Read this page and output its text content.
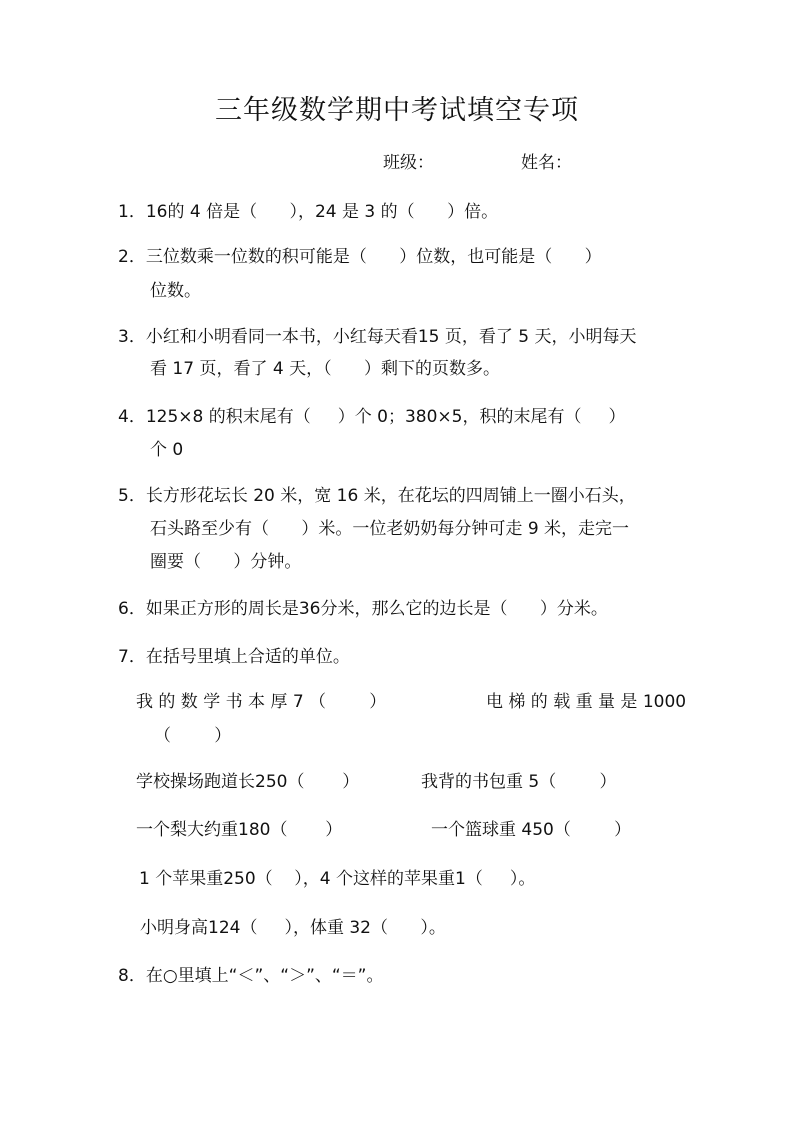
三年级数学期中考试填空专项
班级：	姓名：
1．16的 4 倍是（      ），24 是 3 的（      ）倍。
2．三位数乘一位数的积可能是（      ）位数，也可能是（      ）
位数。
3．小红和小明看同一本书，小红每天看15 页，看了 5 天，小明每天
看 17 页，看了 4 天，（      ）剩下的页数多。
4．125×8 的积末尾有（     ）个 0；380×5，积的末尾有（     ）
个 0
5．长方形花坛长 20 米，宽 16 米，在花坛的四周铺上一圈小石头，
石头路至少有（      ）米。一位老奶奶每分钟可走 9 米，走完一
圈要（      ）分钟。
6．如果正方形的周长是36分米，那么它的边长是（      ）分米。
7．在括号里填上合适的单位。
我 的 数 学 书 本 厚 7 （        ）	电 梯 的 载 重 量 是 1000
（        ）
学校操场跑道长250（       ）	我背的书包重 5（        ）
一个梨大约重180（       ）	一个篮球重 450（        ）
1 个苹果重250（    ），4 个这样的苹果重1（     ）。
小明身高124（     ），体重 32（      ）。
8．在○里填上“＜”、“＞”、“＝”。
